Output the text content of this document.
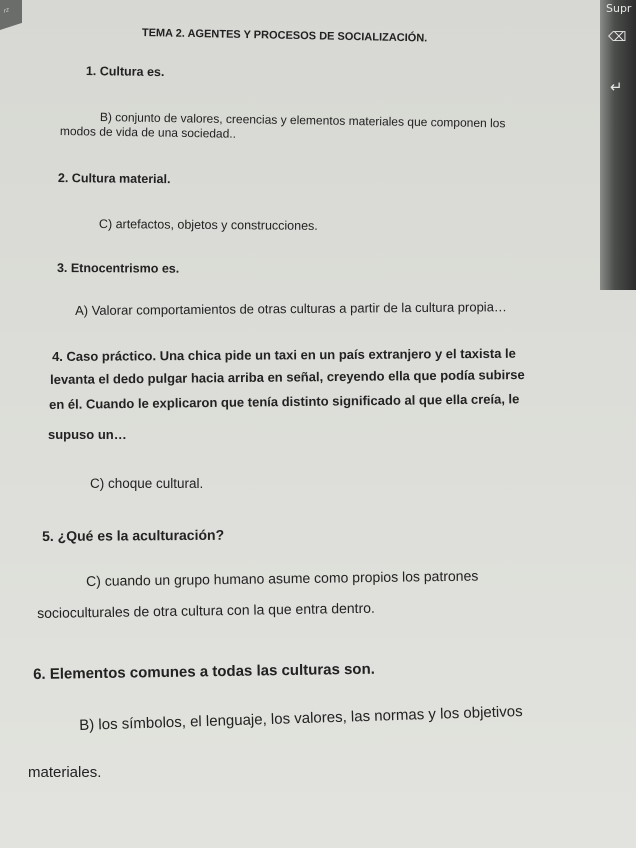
Supr
⌫
↵
rz
TEMA 2. AGENTES Y PROCESOS DE SOCIALIZACIÓN.
1. Cultura es.
B) conjunto de valores, creencias y elementos materiales que componen los
modos de vida de una sociedad..
2. Cultura material.
C) artefactos, objetos y construcciones.
3. Etnocentrismo es.
A) Valorar comportamientos de otras culturas a partir de la cultura propia…
4. Caso práctico. Una chica pide un taxi en un país extranjero y el taxista le
levanta el dedo pulgar hacia arriba en señal, creyendo ella que podía subirse
en él. Cuando le explicaron que tenía distinto significado al que ella creía, le
supuso un…
C) choque cultural.
5. ¿Qué es la aculturación?
C) cuando un grupo humano asume como propios los patrones
socioculturales de otra cultura con la que entra dentro.
6. Elementos comunes a todas las culturas son.
B) los símbolos, el lenguaje, los valores, las normas y los objetivos
materiales.
